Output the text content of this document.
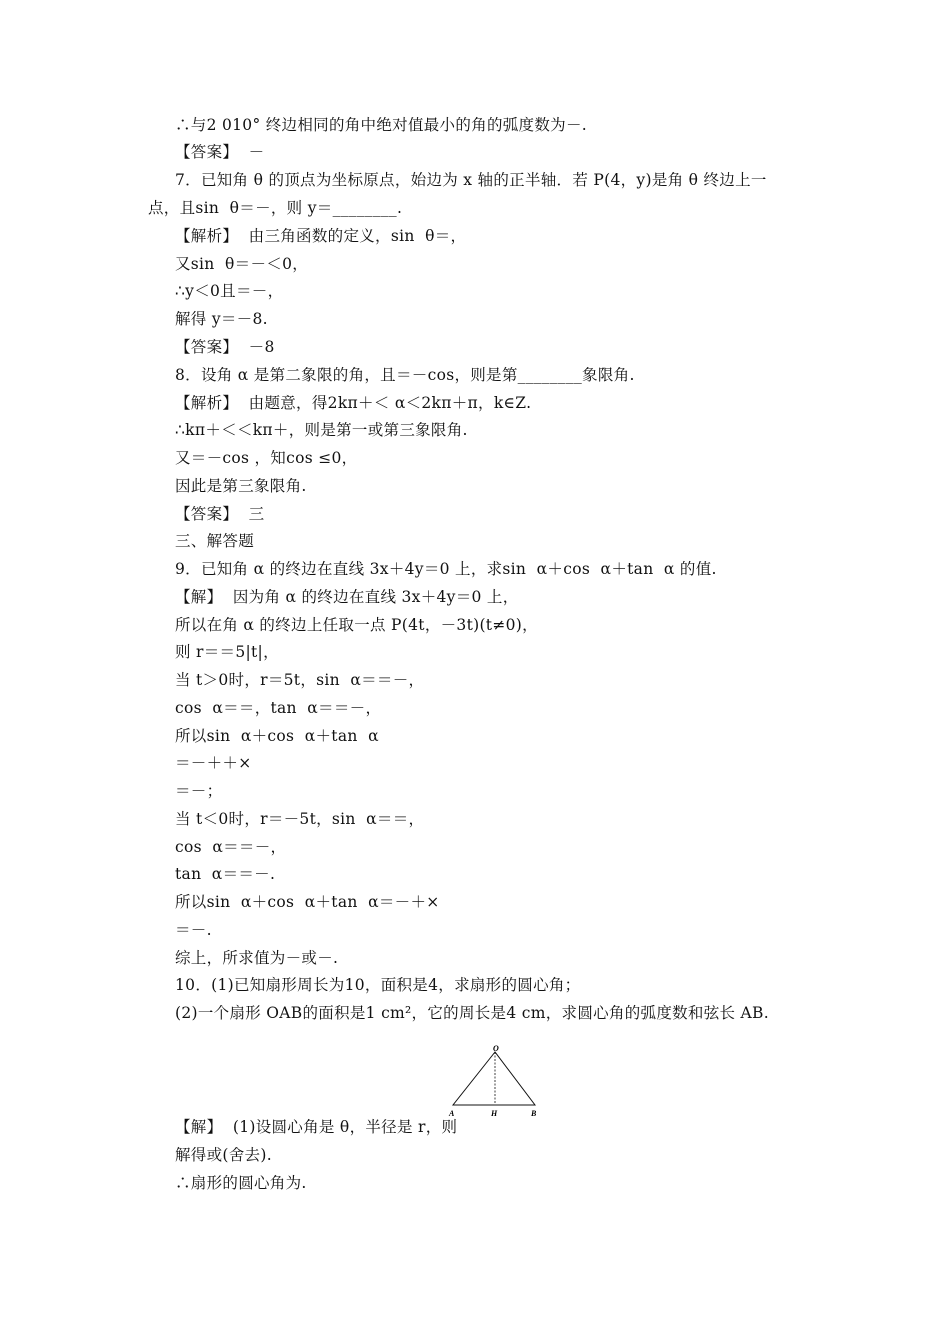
∴与2 010° 终边相同的角中绝对值最小的角的弧度数为－.
【答案】  －
7．已知角 θ 的顶点为坐标原点，始边为 x 轴的正半轴．若 P(4，y)是角 θ 终边上一
点，且sin  θ＝－，则 y＝________.
【解析】  由三角函数的定义，sin  θ＝，
又sin  θ＝－＜0，
∴y＜0且＝－，
解得 y＝－8.
【答案】  －8
8．设角 α 是第二象限的角，且＝－cos，则是第________象限角.
【解析】  由题意，得2kπ＋＜ α＜2kπ＋π，k∈Z.
∴kπ＋＜＜kπ＋，则是第一或第三象限角.
又＝－cos ，知cos ≤0，
因此是第三象限角.
【答案】  三
三、解答题
9．已知角 α 的终边在直线 3x＋4y＝0 上，求sin  α＋cos  α＋tan  α 的值.
【解】  因为角 α 的终边在直线 3x＋4y＝0 上，
所以在角 α 的终边上任取一点 P(4t，－3t)(t≠0)，
则 r＝＝5|t|，
当 t＞0时，r＝5t，sin  α＝＝－，
cos  α＝＝，tan  α＝＝－，
所以sin  α＋cos  α＋tan  α
＝－＋＋×
＝－；
当 t＜0时，r＝－5t，sin  α＝＝，
cos  α＝＝－，
tan  α＝＝－.
所以sin  α＋cos  α＋tan  α＝－＋×
＝－.
综上，所求值为－或－.
10．(1)已知扇形周长为10，面积是4，求扇形的圆心角；
(2)一个扇形 OAB的面积是1 cm²，它的周长是4 cm，求圆心角的弧度数和弦长 AB.
【解】  (1)设圆心角是 θ，半径是 r，则
解得或(舍去).
∴扇形的圆心角为.
O
A	H	B
